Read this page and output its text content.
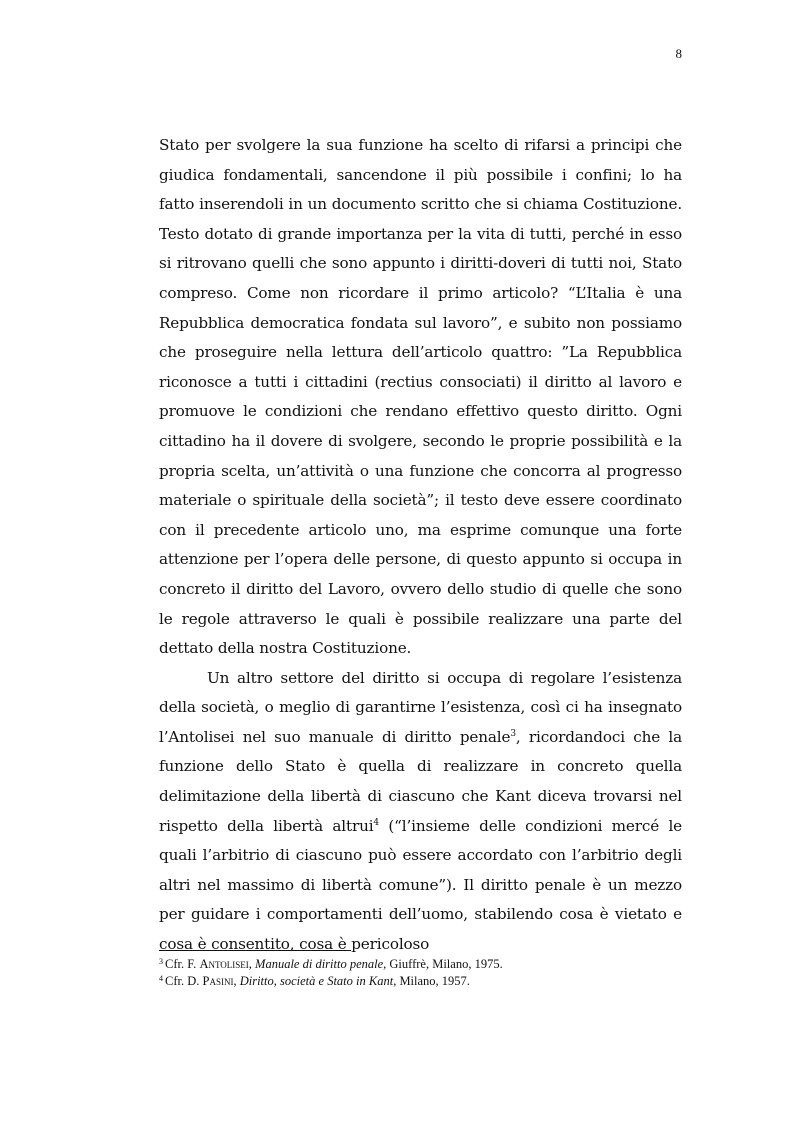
8

Stato per svolgere la sua funzione ha scelto di rifarsi a principi che giudica fondamentali, sancendone il più possibile i confini; lo ha fatto inserendoli in un documento scritto che si chiama Costituzione. Testo dotato di grande importanza per la vita di tutti, perché in esso si ritrovano quelli che sono appunto i diritti-doveri di tutti noi, Stato compreso. Come non ricordare il primo articolo? “L’Italia è una Repubblica democratica fondata sul lavoro”, e subito non possiamo che proseguire nella lettura dell’articolo quattro: ”La Repubblica riconosce a tutti i cittadini (rectius consociati) il diritto al lavoro e promuove le condizioni che rendano effettivo questo diritto. Ogni cittadino ha il dovere di svolgere, secondo le proprie possibilità e la propria scelta, un’attività o una funzione che concorra al progresso materiale o spirituale della società”; il testo deve essere coordinato con il precedente articolo uno, ma esprime comunque una forte attenzione per l’opera delle persone, di questo appunto si occupa in concreto il diritto del Lavoro, ovvero dello studio di quelle che sono le regole attraverso le quali è possibile realizzare una parte del dettato della nostra Costituzione.

Un altro settore del diritto si occupa di regolare l’esistenza della società, o meglio di garantirne l’esistenza, così ci ha insegnato l’Antolisei nel suo manuale di diritto penale$^3$, ricordandoci che la funzione dello Stato è quella di realizzare in concreto quella delimitazione della libertà di ciascuno che Kant diceva trovarsi nel rispetto della libertà altrui$^4$ (“l’insieme delle condizioni mercé le quali l’arbitrio di ciascuno può essere accordato con l’arbitrio degli altri nel massimo di libertà comune”). Il diritto penale è un mezzo per guidare i comportamenti dell’uomo, stabilendo cosa è vietato e cosa è consentito, cosa è pericoloso

$^3$ Cfr. F. Antolisei, Manuale di diritto penale, Giuffrè, Milano, 1975.
$^4$ Cfr. D. Pasini, Diritto, società e Stato in Kant, Milano, 1957.
